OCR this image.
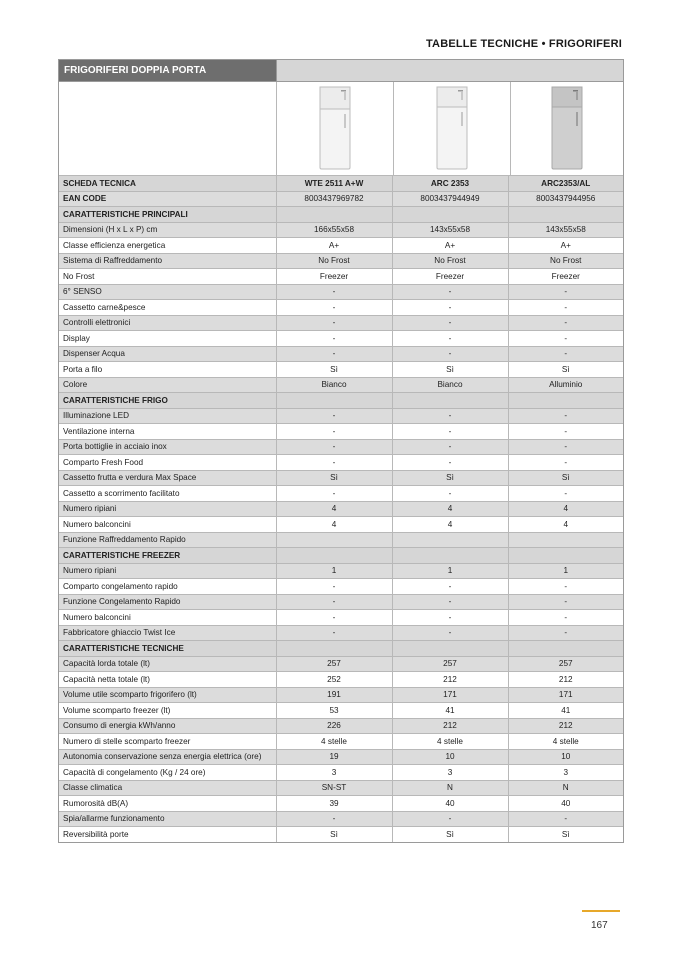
TABELLE TECNICHE • FRIGORIFERI
FRIGORIFERI DOPPIA PORTA
SCHEDA TECNICA	WTE 2511 A+W	ARC 2353	ARC2353/AL
EAN CODE	8003437969782	8003437944949	8003437944956
CARATTERISTICHE PRINCIPALI			
Dimensioni (H x L x P) cm	166x55x58	143x55x58	143x55x58
Classe efficienza energetica	A+	A+	A+
Sistema di Raffreddamento	No Frost	No Frost	No Frost
No Frost	Freezer	Freezer	Freezer
6° SENSO	-	-	-
Cassetto carne&pesce	-	-	-
Controlli elettronici	-	-	-
Display	-	-	-
Dispenser Acqua	-	-	-
Porta a filo	Sì	Sì	Sì
Colore	Bianco	Bianco	Alluminio
CARATTERISTICHE FRIGO			
Illuminazione LED	-	-	-
Ventilazione interna	-	-	-
Porta bottiglie in acciaio inox	-	-	-
Comparto Fresh Food	-	-	-
Cassetto frutta e verdura Max Space	Sì	Sì	Sì
Cassetto a scorrimento facilitato	-	-	-
Numero ripiani	4	4	4
Numero balconcini	4	4	4
Funzione Raffreddamento Rapido			
CARATTERISTICHE FREEZER			
Numero ripiani	1	1	1
Comparto congelamento rapido	-	-	-
Funzione Congelamento Rapido	-	-	-
Numero balconcini	-	-	-
Fabbricatore ghiaccio Twist Ice	-	-	-
CARATTERISTICHE TECNICHE			
Capacità lorda totale (lt)	257	257	257
Capacità netta totale (lt)	252	212	212
Volume utile scomparto frigorifero (lt)	191	171	171
Volume scomparto freezer (lt)	53	41	41
Consumo di energia kWh/anno	226	212	212
Numero di stelle scomparto freezer	4 stelle	4 stelle	4 stelle
Autonomia conservazione senza energia elettrica (ore)	19	10	10
Capacità di congelamento (Kg / 24 ore)	3	3	3
Classe climatica	SN-ST	N	N
Rumorosità dB(A)	39	40	40
Spia/allarme funzionamento	-	-	-
Reversibilità porte	Sì	Sì	Sì
167
